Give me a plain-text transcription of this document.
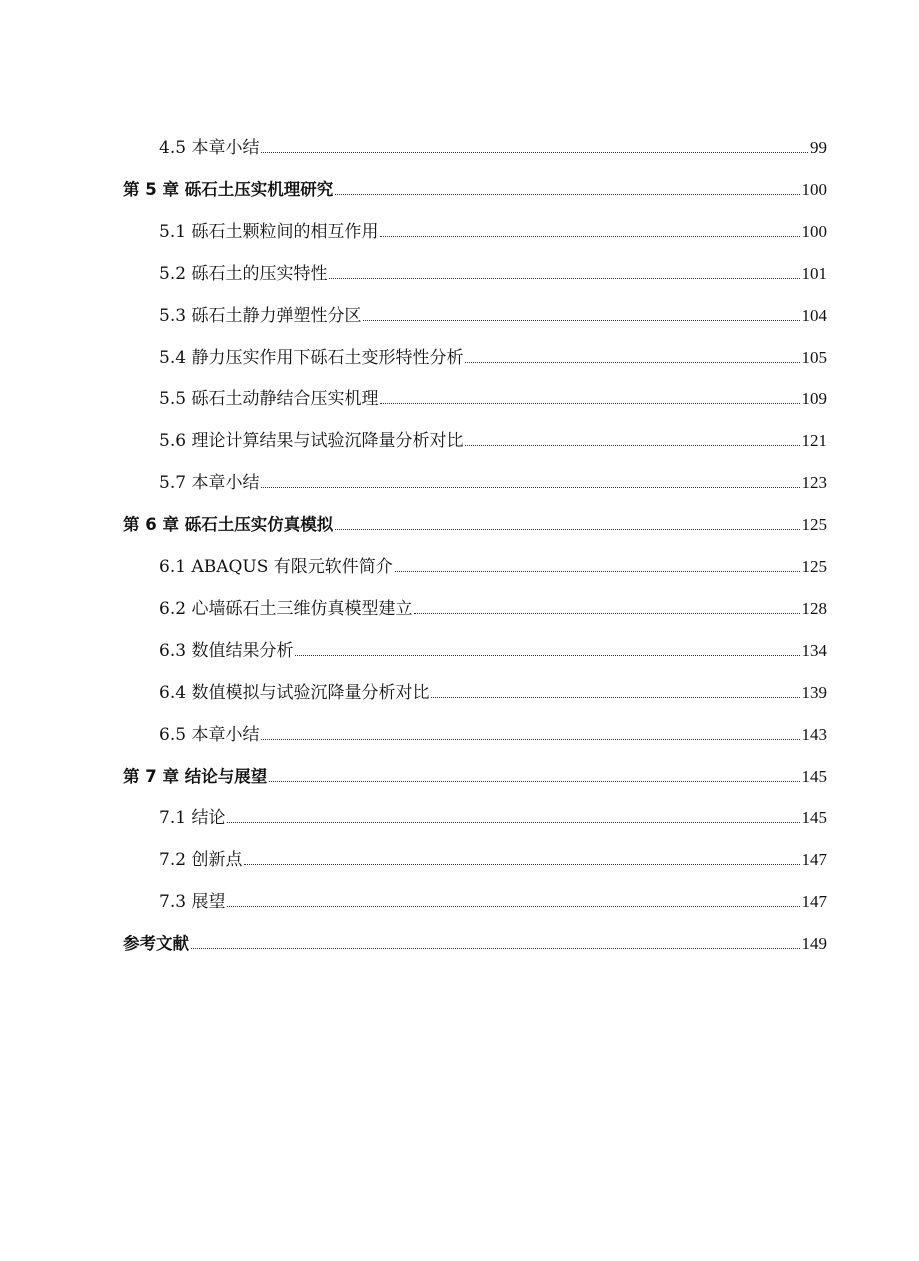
4.5 本章小结	99
第 5 章 砾石土压实机理研究	100
5.1 砾石土颗粒间的相互作用	100
5.2 砾石土的压实特性	101
5.3 砾石土静力弹塑性分区	104
5.4 静力压实作用下砾石土变形特性分析	105
5.5 砾石土动静结合压实机理	109
5.6 理论计算结果与试验沉降量分析对比	121
5.7 本章小结	123
第 6 章 砾石土压实仿真模拟	125
6.1 ABAQUS 有限元软件简介	125
6.2 心墙砾石土三维仿真模型建立	128
6.3 数值结果分析	134
6.4 数值模拟与试验沉降量分析对比	139
6.5 本章小结	143
第 7 章 结论与展望	145
7.1 结论	145
7.2 创新点	147
7.3 展望	147
参考文献	149
